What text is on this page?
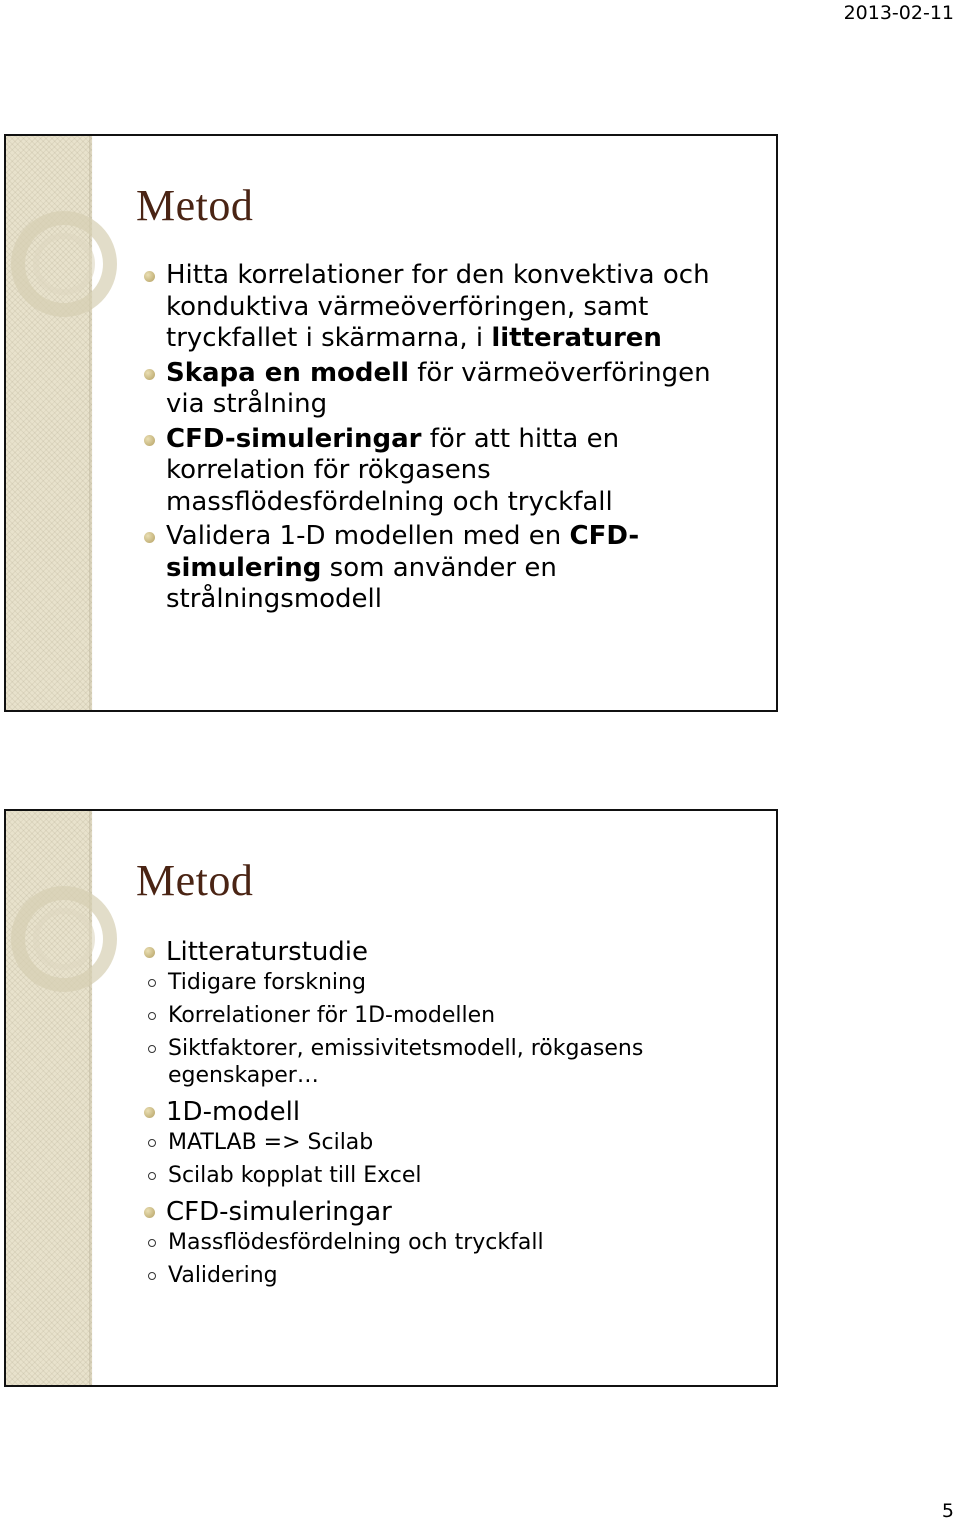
2013-02-11
Metod
Hitta korrelationer for den konvektiva och konduktiva värmeöverföringen, samt tryckfallet i skärmarna, i litteraturen
Skapa en modell för värmeöverföringen via strålning
CFD-simuleringar för att hitta en korrelation för rökgasens massflödesfördelning och tryckfall
Validera 1-D modellen med en CFD-simulering som använder en strålningsmodell
Metod
Litteraturstudie
Tidigare forskning
Korrelationer för 1D-modellen
Siktfaktorer, emissivitetsmodell, rökgasens egenskaper…
1D-modell
MATLAB => Scilab
Scilab kopplat till Excel
CFD-simuleringar
Massflödesfördelning och tryckfall
Validering
5
